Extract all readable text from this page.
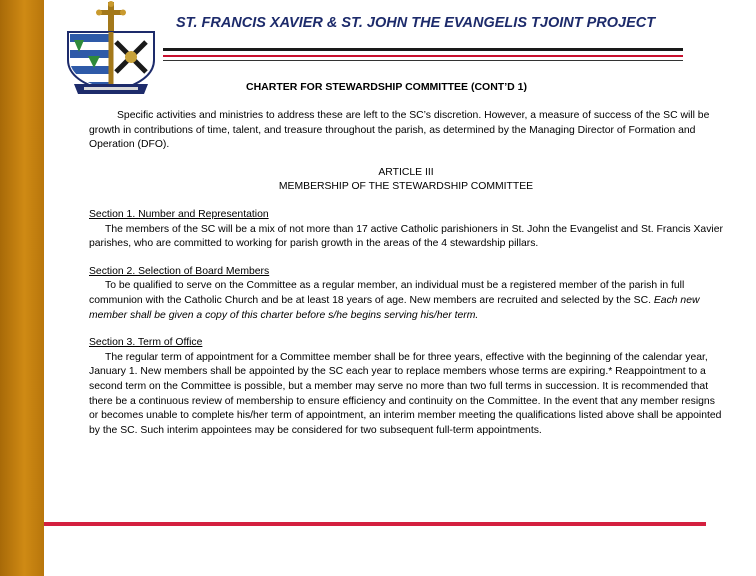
ST. FRANCIS XAVIER & ST. JOHN THE EVANGELIS TJOINT PROJECT
CHARTER FOR STEWARDSHIP COMMITTEE (CONT’D 1)

Specific activities and ministries to address these are left to the SC’s discretion. However, a measure of success of the SC will be growth in contributions of time, talent, and treasure throughout the parish, as determined by the Managing Director of Formation and Operation (DFO).

ARTICLE III
MEMBERSHIP OF THE STEWARDSHIP COMMITTEE

Section 1. Number and Representation
The members of the SC will be a mix of not more than 17 active Catholic parishioners in St. John the Evangelist and St. Francis Xavier parishes, who are committed to working for parish growth in the areas of the 4 stewardship pillars.
Section 2. Selection of Board Members
To be qualified to serve on the Committee as a regular member, an individual must be a registered member of the parish in full communion with the Catholic Church and be at least 18 years of age. New members are recruited and selected by the SC. Each new member shall be given a copy of this charter before s/he begins serving his/her term.
Section 3. Term of Office
The regular term of appointment for a Committee member shall be for three years, effective with the beginning of the calendar year, January 1. New members shall be appointed by the SC each year to replace members whose terms are expiring.* Reappointment to a second term on the Committee is possible, but a member may serve no more than two full terms in succession. It is recommended that there be a continuous review of membership to ensure efficiency and continuity on the Committee. In the event that any member resigns or becomes unable to complete his/her term of appointment, an interim member meeting the qualifications listed above shall be appointed by the SC. Such interim appointees may be considered for two subsequent full-term appointments.
